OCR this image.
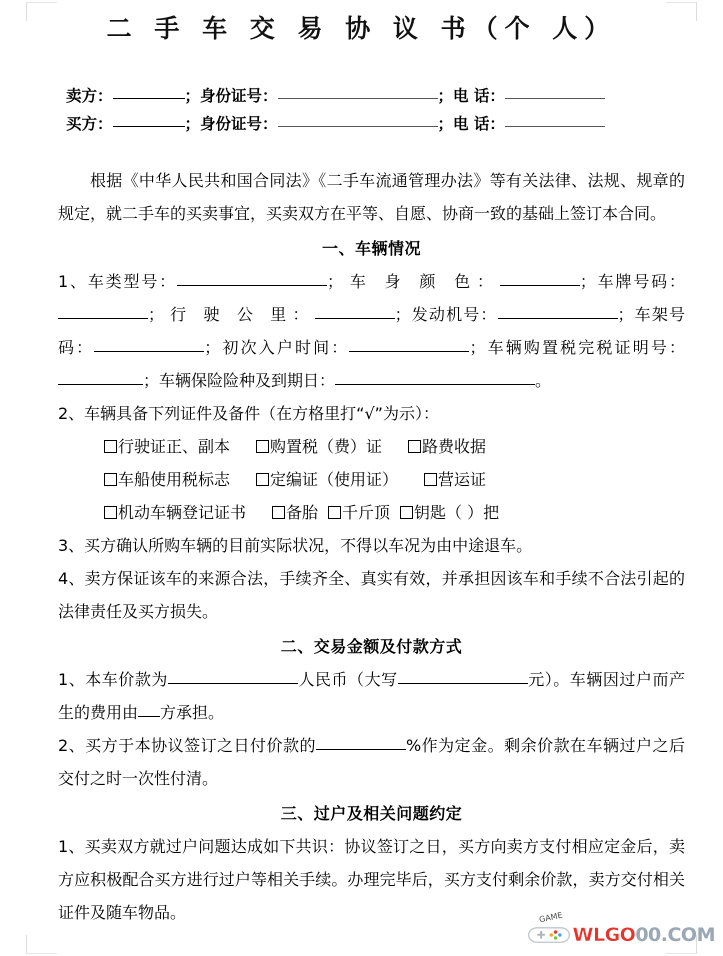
二 手 车 交 易 协 议 书（个 人）
卖方：	；身份证号：	；电 话：
买方：	；身份证号：	；电 话：

根据《中华人民共和国合同法》《二手车流通管理办法》等有关法律、法规、规章的规定，就二手车的买卖事宜，买卖双方在平等、自愿、协商一致的基础上签订本合同。

一、车辆情况

1、车类型号：	；车 身 颜 色：	；车牌号码：；行 驶 公 里：	；发动机号：	；车架号码：	；初次入户时间：	；车辆购置税完税证明号：；车辆保险险种及到期日：	。

2、车辆具备下列证件及备件（在方格里打“√”为示）：

行驶证正、副本	购置税（费）证	路费收据
车船使用税标志	定编证（使用证）	营运证
机动车辆登记证书	备胎 千斤顶 钥匙（ ）把

3、买方确认所购车辆的目前实际状况，不得以车况为由中途退车。

4、卖方保证该车的来源合法，手续齐全、真实有效，并承担因该车和手续不合法引起的法律责任及买方损失。

二、交易金额及付款方式

1、本车价款为	人民币（大写	元）。车辆因过户而产生的费用由 方承担。

2、买方于本协议签订之日付价款的	%作为定金。剩余价款在车辆过户之后交付之时一次性付清。

三、过户及相关问题约定

1、买卖双方就过户问题达成如下共识：协议签订之日，买方向卖方支付相应定金后，卖方应积极配合买方进行过户等相关手续。办理完毕后，买方支付剩余价款，卖方交付相关证件及随车物品。	GAME
WLGO 00.COM
